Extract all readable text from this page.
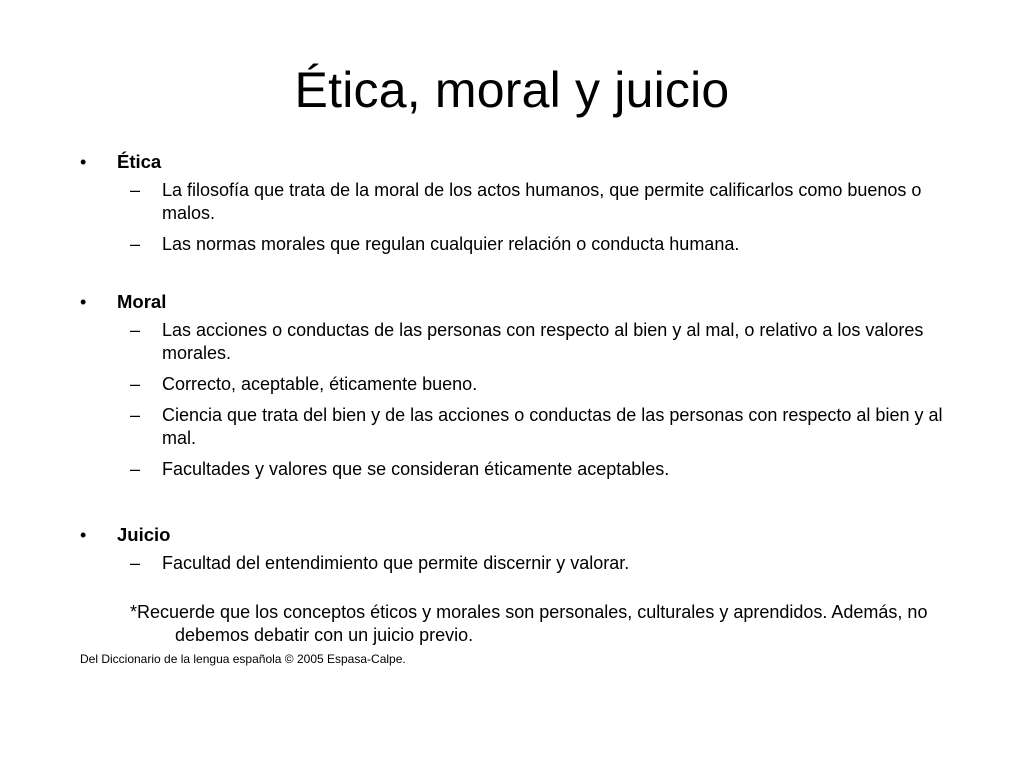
Ética, moral y juicio
• Ética
– La filosofía que trata de la moral de los actos humanos, que permite calificarlos como buenos o malos.
– Las normas morales que regulan cualquier relación o conducta humana.
• Moral
– Las acciones o conductas de las personas con respecto al bien y al mal, o relativo a los valores morales.
– Correcto, aceptable, éticamente bueno.
– Ciencia que trata del bien y de las acciones o conductas de las personas con respecto al bien y al mal.
– Facultades y valores que se consideran éticamente aceptables.
• Juicio
– Facultad del entendimiento que permite discernir y valorar.
*Recuerde que los conceptos éticos y morales son personales, culturales y aprendidos. Además, no debemos debatir con un juicio previo.
Del Diccionario de la lengua española © 2005 Espasa-Calpe.
